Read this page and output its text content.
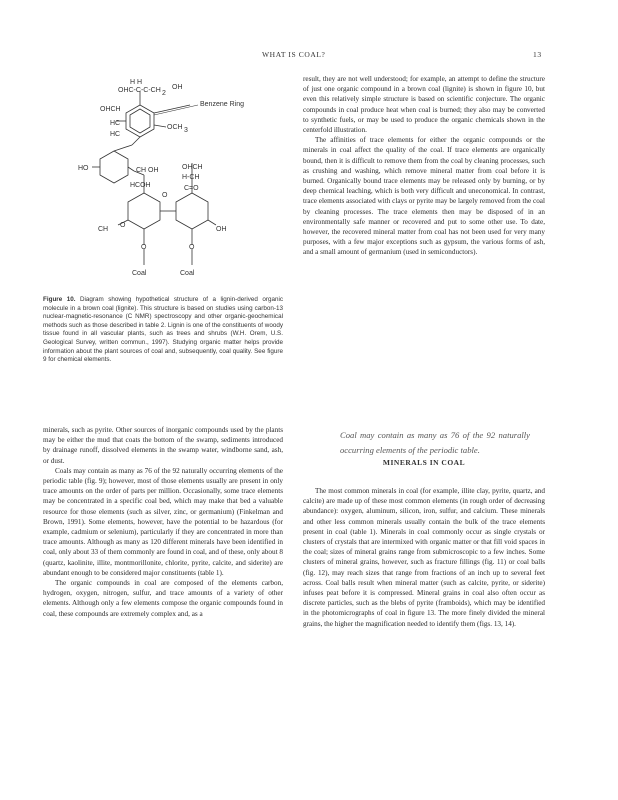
WHAT IS COAL?	13
H H
OHC-C-C-CH OH
2
Benzene Ring
OHCH
HC
HC
OCH 3
HO	CH OH
HCOH
OHCH
H-CH
C=O
CH	OH
O
O	O
O
Coal	Coal
Figure 10. Diagram showing hypothetical structure of a lignin-derived organic molecule in a brown coal (lignite). This structure is based on studies using carbon-13 nuclear-magnetic-resonance (C NMR) spectroscopy and other organic-geochemical methods such as those described in table 2. Lignin is one of the constituents of woody tissue found in all vascular plants, such as trees and shrubs (W.H. Orem, U.S. Geological Survey, written commun., 1997). Studying organic matter helps provide information about the plant sources of coal and, subsequently, coal quality. See figure 9 for chemical elements.

minerals, such as pyrite. Other sources of inorganic compounds used by the plants may be either the mud that coats the bottom of the swamp, sediments introduced by drainage runoff, dissolved elements in the swamp water, windborne sand, ash, or dust.

Coals may contain as many as 76 of the 92 naturally occurring elements of the periodic table (fig. 9); however, most of those elements usually are present in only trace amounts on the order of parts per million. Occasionally, some trace elements may be concentrated in a specific coal bed, which may make that bed a valuable resource for those elements (such as silver, zinc, or germanium) (Finkelman and Brown, 1991). Some elements, however, have the potential to be hazardous (for example, cadmium or selenium), particularly if they are concentrated in more than trace amounts. Although as many as 120 different minerals have been identified in coal, only about 33 of them commonly are found in coal, and of these, only about 8 (quartz, kaolinite, illite, montmorillonite, chlorite, pyrite, calcite, and siderite) are abundant enough to be considered major constituents (table 1).

The organic compounds in coal are composed of the elements carbon, hydrogen, oxygen, nitrogen, sulfur, and trace amounts of a variety of other elements. Although only a few elements compose the organic compounds found in coal, these compounds are extremely complex and, as a

result, they are not well understood; for example, an attempt to define the structure of just one organic compound in a brown coal (lignite) is shown in figure 10, but even this relatively simple structure is based on scientific conjecture. The organic compounds in coal produce heat when coal is burned; they also may be converted to synthetic fuels, or may be used to produce the organic chemicals shown in the centerfold illustration.

The affinities of trace elements for either the organic compounds or the minerals in coal affect the quality of the coal. If trace elements are organically bound, then it is difficult to remove them from the coal by cleaning processes, such as crushing and washing, which remove mineral matter from coal before it is burned. Organically bound trace elements may be released only by burning, or by deep chemical leaching, which is both very difficult and uneconomical. In contrast, trace elements associated with clays or pyrite may be largely removed from the coal by cleaning processes. The trace elements then may be disposed of in an environmentally safe manner or recovered and put to some other use. To date, however, the recovered mineral matter from coal has not been used for very many purposes, with a few major exceptions such as gypsum, the various forms of ash, and a small amount of germanium (used in semiconductors).

Coal may contain as many as 76 of the 92 naturally occurring elements of the periodic table.
MINERALS IN COAL

The most common minerals in coal (for example, illite clay, pyrite, quartz, and calcite) are made up of these most common elements (in rough order of decreasing abundance): oxygen, aluminum, silicon, iron, sulfur, and calcium. These minerals and other less common minerals usually contain the bulk of the trace elements present in coal (table 1). Minerals in coal commonly occur as single crystals or clusters of crystals that are intermixed with organic matter or that fill void spaces in the coal; sizes of mineral grains range from submicroscopic to a few inches. Some clusters of mineral grains, however, such as fracture fillings (fig. 11) or coal balls (fig. 12), may reach sizes that range from fractions of an inch up to several feet across. Coal balls result when mineral matter (such as calcite, pyrite, or siderite) infuses peat before it is compressed. Mineral grains in coal also often occur as discrete particles, such as the blebs of pyrite (framboids), which may be identified in the photomicrographs of coal in figure 13. The more finely divided the mineral grains, the higher the magnification needed to identify them (figs. 13, 14).
